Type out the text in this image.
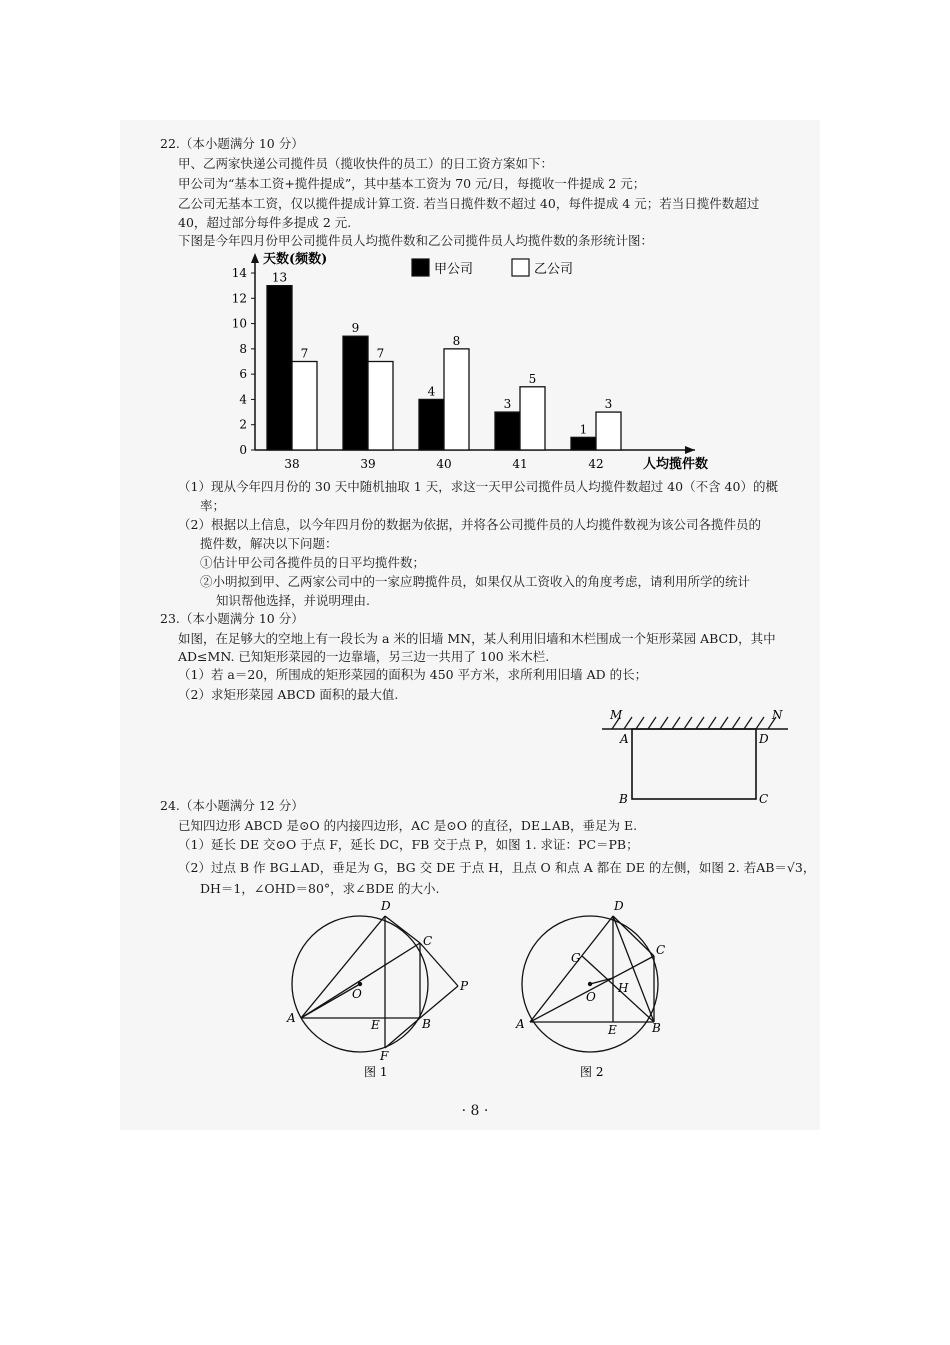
22.（本小题满分 10 分）
甲、乙两家快递公司揽件员（揽收快件的员工）的日工资方案如下：
甲公司为“基本工资+揽件提成”，其中基本工资为 70 元/日，每揽收一件提成 2 元；
乙公司无基本工资，仅以揽件提成计算工资. 若当日揽件数不超过 40，每件提成 4 元；若当日揽件数超过
40，超过部分每件多提成 2 元.
下图是今年四月份甲公司揽件员人均揽件数和乙公司揽件员人均揽件数的条形统计图：
0
2
4
6
8
10
12
14
天数(频数)
人均揽件数
13
7
38
9
7
39
4
8
40
3
5
41
1
3
42
甲公司	乙公司
（1）现从今年四月份的 30 天中随机抽取 1 天，求这一天甲公司揽件员人均揽件数超过 40（不含 40）的概
率；
（2）根据以上信息，以今年四月份的数据为依据，并将各公司揽件员的人均揽件数视为该公司各揽件员的
揽件数，解决以下问题：
①估计甲公司各揽件员的日平均揽件数；
②小明拟到甲、乙两家公司中的一家应聘揽件员，如果仅从工资收入的角度考虑，请利用所学的统计
知识帮他选择，并说明理由.
23.（本小题满分 10 分）
如图，在足够大的空地上有一段长为 a 米的旧墙 MN，某人利用旧墙和木栏围成一个矩形菜园 ABCD，其中
AD≤MN. 已知矩形菜园的一边靠墙，另三边一共用了 100 米木栏.
（1）若 a＝20，所围成的矩形菜园的面积为 450 平方米，求所利用旧墙 AD 的长；
（2）求矩形菜园 ABCD 面积的最大值.
M	N
A	D
B	C
24.（本小题满分 12 分）
已知四边形 ABCD 是⊙O 的内接四边形，AC 是⊙O 的直径，DE⊥AB，垂足为 E.
（1）延长 DE 交⊙O 于点 F，延长 DC，FB 交于点 P，如图 1. 求证：PC＝PB；
（2）过点 B 作 BG⊥AD，垂足为 G，BG 交 DE 于点 H，且点 O 和点 A 都在 DE 的左侧，如图 2. 若AB＝√3，
DH＝1，∠OHD＝80°，求∠BDE 的大小.
D
C
O
P
A	E	B
F
图 1
D
C
G
H
O
A	E	B
图 2
· 8 ·
